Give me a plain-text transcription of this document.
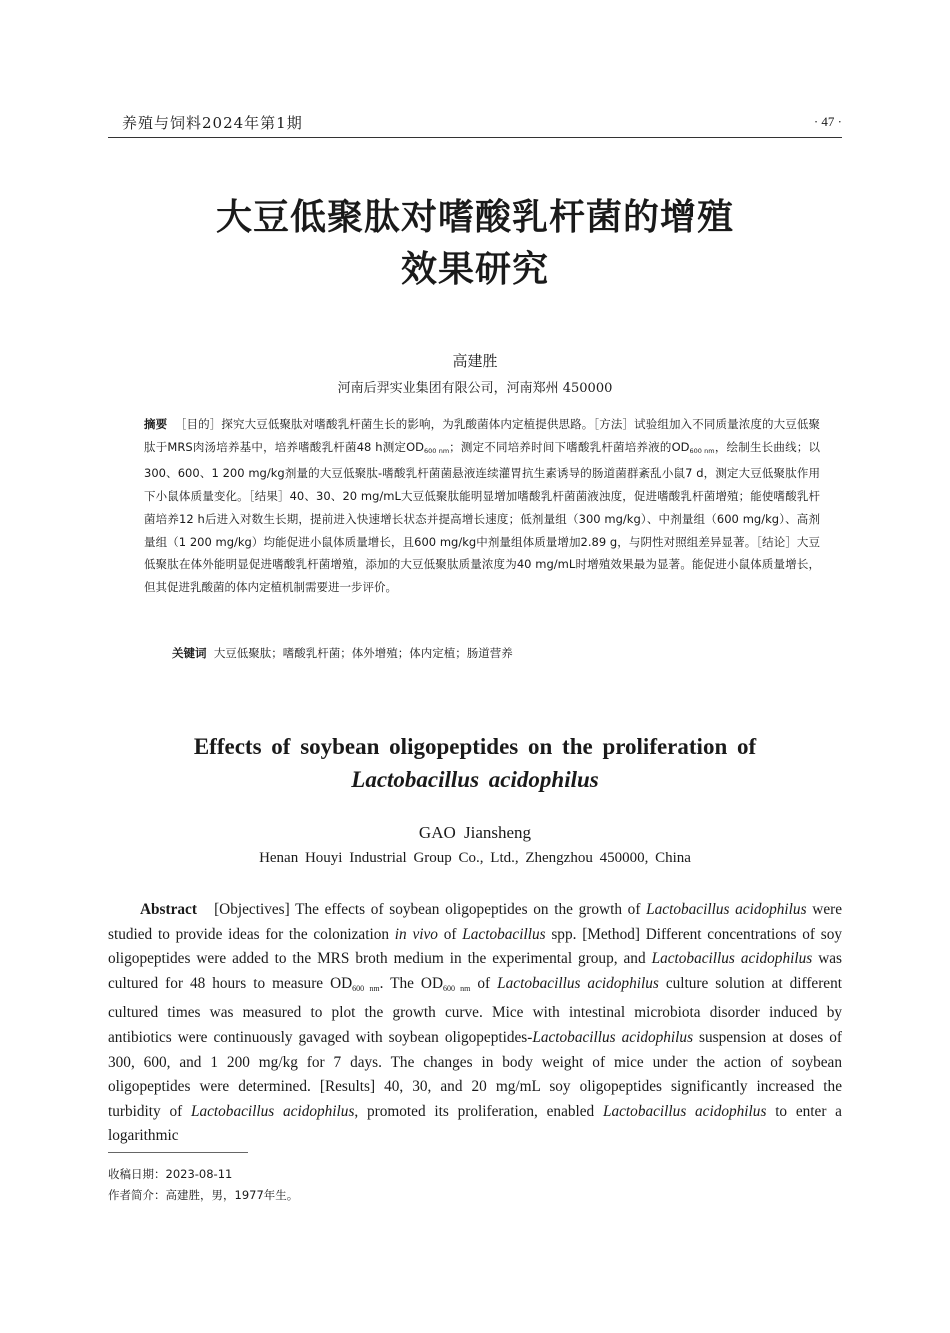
养殖与饲料2024年第1期	· 47 ·
大豆低聚肽对嗜酸乳杆菌的增殖
效果研究
高建胜
河南后羿实业集团有限公司，河南郑州 450000
摘要 ［目的］探究大豆低聚肽对嗜酸乳杆菌生长的影响，为乳酸菌体内定植提供思路。［方法］试验组加入不同质量浓度的大豆低聚肽于MRS肉汤培养基中，培养嗜酸乳杆菌48 h测定$OD_{600 nm}$；测定不同培养时间下嗜酸乳杆菌培养液的$OD_{600 nm}$，绘制生长曲线；以300、600、1 200 mg/kg剂量的大豆低聚肽-嗜酸乳杆菌菌悬液连续灌胃抗生素诱导的肠道菌群紊乱小鼠7 d，测定大豆低聚肽作用下小鼠体质量变化。［结果］40、30、20 mg/mL大豆低聚肽能明显增加嗜酸乳杆菌菌液浊度，促进嗜酸乳杆菌增殖；能使嗜酸乳杆菌培养12 h后进入对数生长期，提前进入快速增长状态并提高增长速度；低剂量组（300 mg/kg）、中剂量组（600 mg/kg）、高剂量组（1 200 mg/kg）均能促进小鼠体质量增长，且600 mg/kg中剂量组体质量增加2.89 g，与阴性对照组差异显著。［结论］大豆低聚肽在体外能明显促进嗜酸乳杆菌增殖，添加的大豆低聚肽质量浓度为40 mg/mL时增殖效果最为显著。能促进小鼠体质量增长，但其促进乳酸菌的体内定植机制需要进一步评价。
关键词 大豆低聚肽；嗜酸乳杆菌；体外增殖；体内定植；肠道营养
Effects of soybean oligopeptides on the proliferation of
Lactobacillus acidophilus
GAO Jiansheng
Henan Houyi Industrial Group Co., Ltd., Zhengzhou 450000, China
Abstract [Objectives] The effects of soybean oligopeptides on the growth of Lactobacillus acidophilus were studied to provide ideas for the colonization in vivo of Lactobacillus spp. [Method] Different concentrations of soy oligopeptides were added to the MRS broth medium in the experimental group, and Lactobacillus acidophilus was cultured for 48 hours to measure OD600 nm. The OD600 nm of Lactobacillus acidophilus culture solution at different cultured times was measured to plot the growth curve. Mice with intestinal microbiota disorder induced by antibiotics were continuously gavaged with soybean oligopeptides-Lactobacillus acidophilus suspension at doses of 300, 600, and 1 200 mg/kg for 7 days. The changes in body weight of mice under the action of soybean oligopeptides were determined. [Results] 40, 30, and 20 mg/mL soy oligopeptides significantly increased the turbidity of Lactobacillus acidophilus, promoted its proliferation, enabled Lactobacillus acidophilus to enter a logarithmic
收稿日期：2023-08-11
作者简介：高建胜，男，1977年生。
